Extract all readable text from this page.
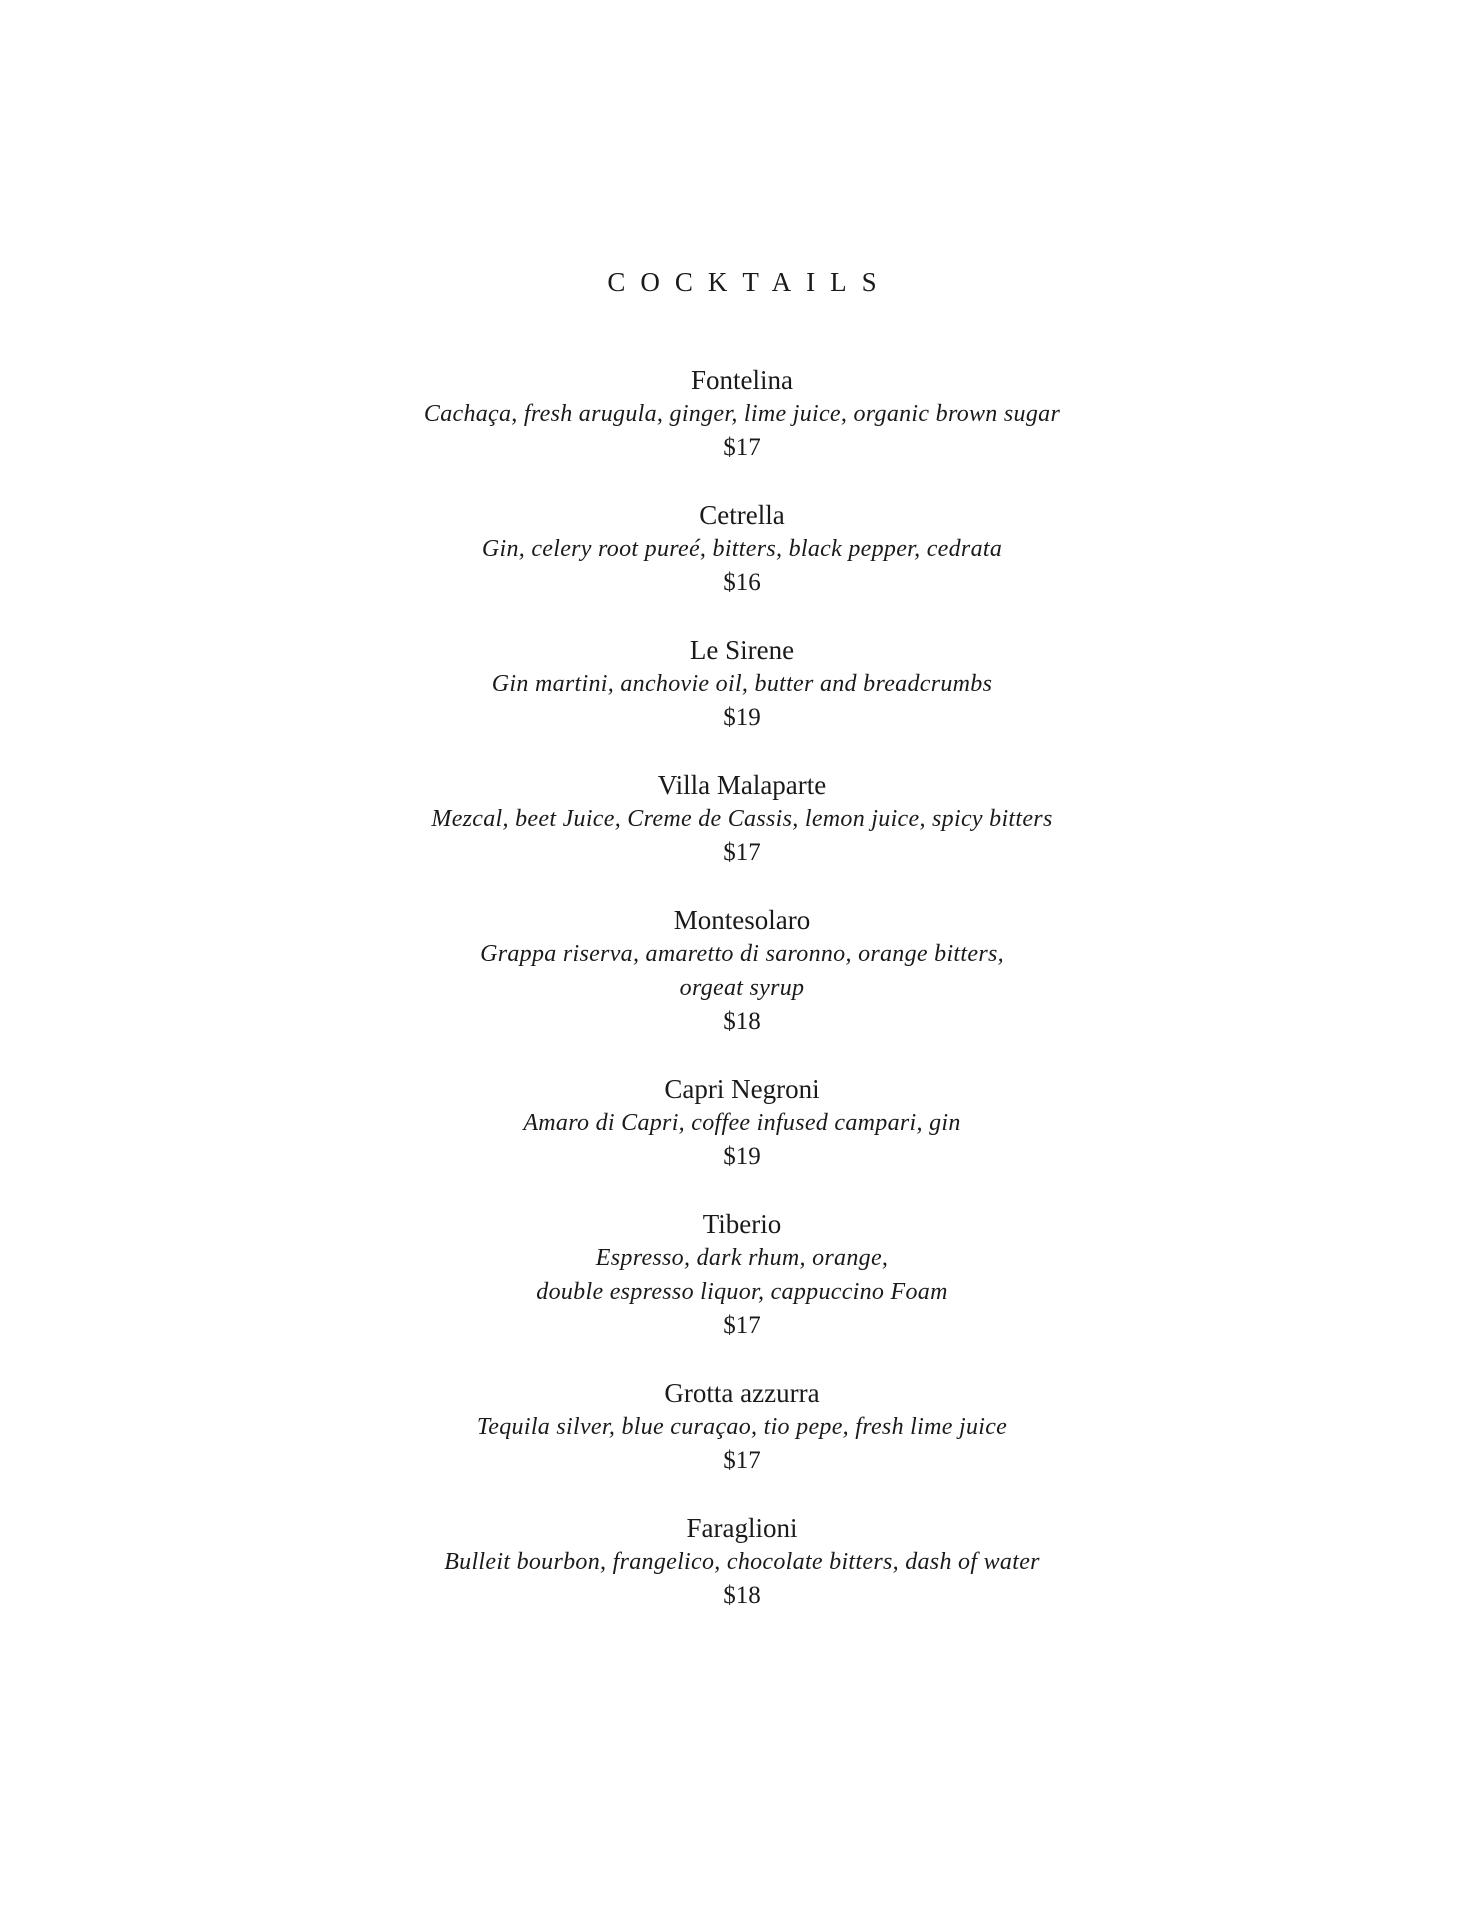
COCKTAILS
Fontelina
Cachaça, fresh arugula, ginger, lime juice, organic brown sugar
$17
Cetrella
Gin, celery root pureé, bitters, black pepper, cedrata
$16
Le Sirene
Gin martini, anchovie oil, butter and breadcrumbs
$19
Villa Malaparte
Mezcal, beet Juice, Creme de Cassis, lemon juice, spicy bitters
$17
Montesolaro
Grappa riserva, amaretto di saronno, orange bitters,
orgeat syrup
$18
Capri Negroni
Amaro di Capri, coffee infused campari, gin
$19
Tiberio
Espresso, dark rhum, orange,
double espresso liquor, cappuccino Foam
$17
Grotta azzurra
Tequila silver, blue curaçao, tio pepe, fresh lime juice
$17
Faraglioni
Bulleit bourbon, frangelico, chocolate bitters, dash of water
$18
